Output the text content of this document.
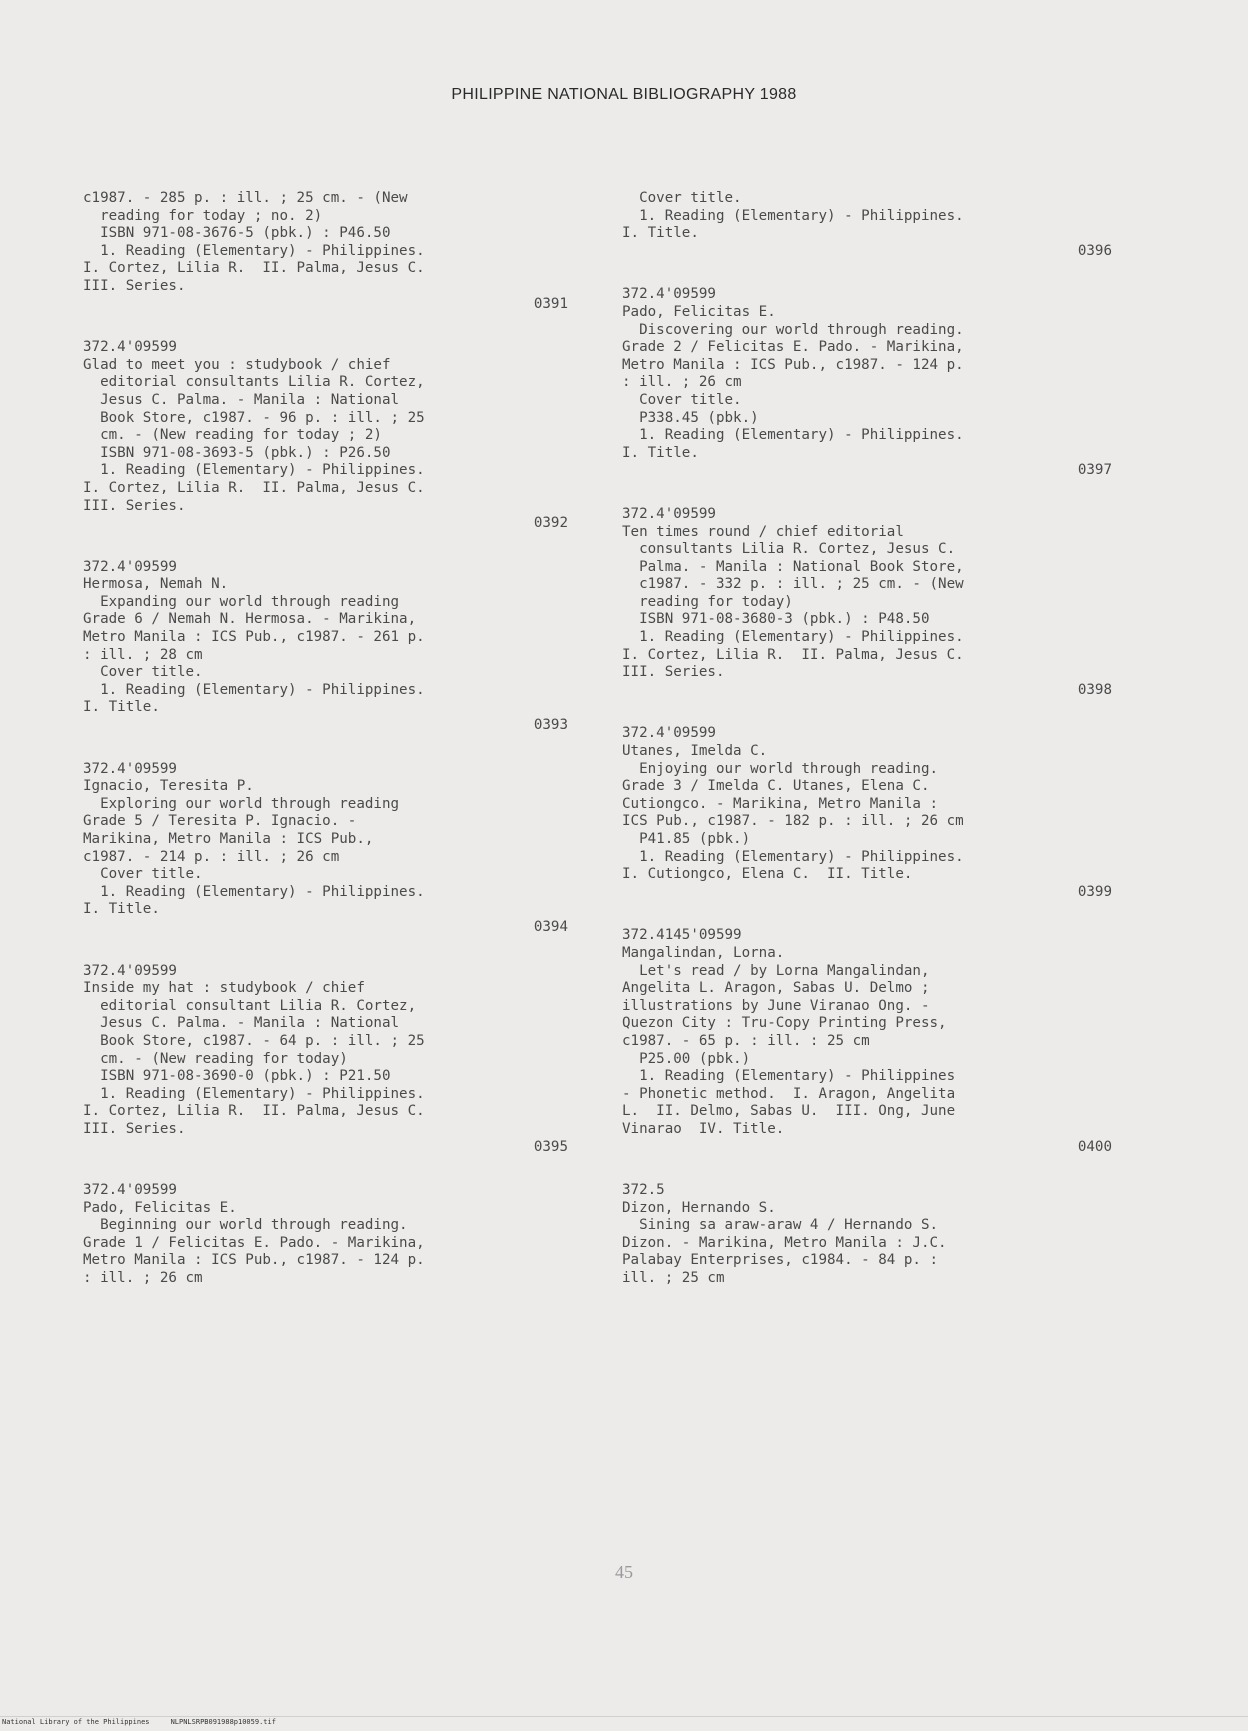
PHILIPPINE NATIONAL BIBLIOGRAPHY 1988
c1987. - 285 p. : ill. ; 25 cm. - (New
reading for today ; no. 2)
ISBN 971-08-3676-5 (pbk.) : P46.50
1. Reading (Elementary) - Philippines.
I. Cortez, Lilia R.  II. Palma, Jesus C.
III. Series.
0391
372.4'09599
Glad to meet you : studybook / chief
editorial consultants Lilia R. Cortez,
Jesus C. Palma. - Manila : National
Book Store, c1987. - 96 p. : ill. ; 25
cm. - (New reading for today ; 2)
ISBN 971-08-3693-5 (pbk.) : P26.50
1. Reading (Elementary) - Philippines.
I. Cortez, Lilia R.  II. Palma, Jesus C.
III. Series.
0392
372.4'09599
Hermosa, Nemah N.
Expanding our world through reading
Grade 6 / Nemah N. Hermosa. - Marikina,
Metro Manila : ICS Pub., c1987. - 261 p.
: ill. ; 28 cm
Cover title.
1. Reading (Elementary) - Philippines.
I. Title.
0393
372.4'09599
Ignacio, Teresita P.
Exploring our world through reading
Grade 5 / Teresita P. Ignacio. -
Marikina, Metro Manila : ICS Pub.,
c1987. - 214 p. : ill. ; 26 cm
Cover title.
1. Reading (Elementary) - Philippines.
I. Title.
0394
372.4'09599
Inside my hat : studybook / chief
editorial consultant Lilia R. Cortez,
Jesus C. Palma. - Manila : National
Book Store, c1987. - 64 p. : ill. ; 25
cm. - (New reading for today)
ISBN 971-08-3690-0 (pbk.) : P21.50
1. Reading (Elementary) - Philippines.
I. Cortez, Lilia R.  II. Palma, Jesus C.
III. Series.
0395
372.4'09599
Pado, Felicitas E.
Beginning our world through reading.
Grade 1 / Felicitas E. Pado. - Marikina,
Metro Manila : ICS Pub., c1987. - 124 p.
: ill. ; 26 cm
Cover title.
1. Reading (Elementary) - Philippines.
I. Title.
0396
372.4'09599
Pado, Felicitas E.
Discovering our world through reading.
Grade 2 / Felicitas E. Pado. - Marikina,
Metro Manila : ICS Pub., c1987. - 124 p.
: ill. ; 26 cm
Cover title.
P338.45 (pbk.)
1. Reading (Elementary) - Philippines.
I. Title.
0397
372.4'09599
Ten times round / chief editorial
consultants Lilia R. Cortez, Jesus C.
Palma. - Manila : National Book Store,
c1987. - 332 p. : ill. ; 25 cm. - (New
reading for today)
ISBN 971-08-3680-3 (pbk.) : P48.50
1. Reading (Elementary) - Philippines.
I. Cortez, Lilia R.  II. Palma, Jesus C.
III. Series.
0398
372.4'09599
Utanes, Imelda C.
Enjoying our world through reading.
Grade 3 / Imelda C. Utanes, Elena C.
Cutiongco. - Marikina, Metro Manila :
ICS Pub., c1987. - 182 p. : ill. ; 26 cm
P41.85 (pbk.)
1. Reading (Elementary) - Philippines.
I. Cutiongco, Elena C.  II. Title.
0399
372.4145'09599
Mangalindan, Lorna.
Let's read / by Lorna Mangalindan,
Angelita L. Aragon, Sabas U. Delmo ;
illustrations by June Viranao Ong. -
Quezon City : Tru-Copy Printing Press,
c1987. - 65 p. : ill. : 25 cm
P25.00 (pbk.)
1. Reading (Elementary) - Philippines
- Phonetic method.  I. Aragon, Angelita
L.  II. Delmo, Sabas U.  III. Ong, June
Vinarao  IV. Title.
0400
372.5
Dizon, Hernando S.
Sining sa araw-araw 4 / Hernando S.
Dizon. - Marikina, Metro Manila : J.C.
Palabay Enterprises, c1984. - 84 p. :
ill. ; 25 cm
45
National Library of the Philippines     NLPNLSRPB091988p10059.tif
